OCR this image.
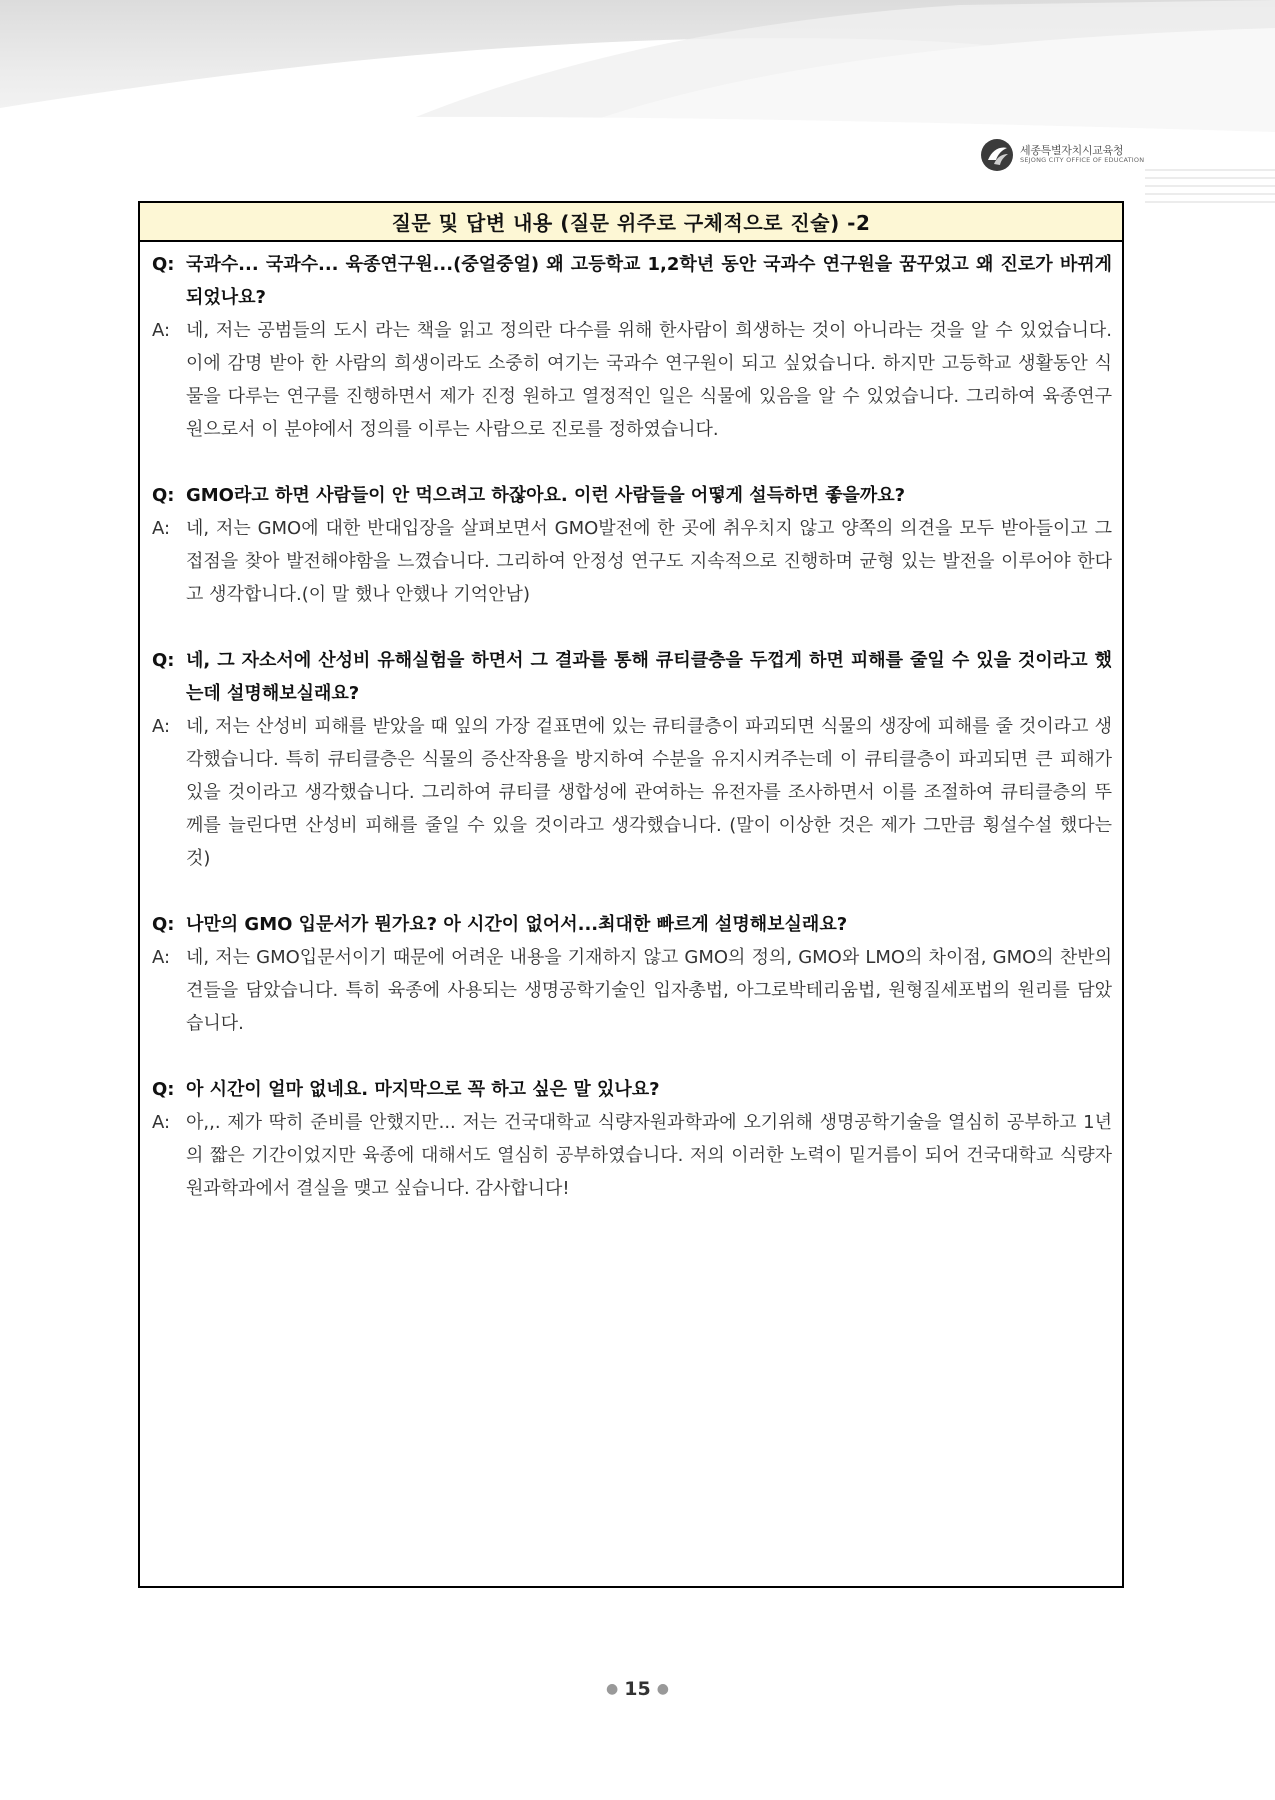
세종특별자치시교육청
SEJONG CITY OFFICE OF EDUCATION
질문 및 답변 내용 (질문 위주로 구체적으로 진술) -2
Q: 국과수... 국과수... 육종연구원...(중얼중얼) 왜 고등학교 1,2학년 동안 국과수 연구원을 꿈꾸었고 왜 진로가 바뀌게 되었나요?
A: 네, 저는 공범들의 도시 라는 책을 읽고 정의란 다수를 위해 한사람이 희생하는 것이 아니라는 것을 알 수 있었습니다. 이에 감명 받아 한 사람의 희생이라도 소중히 여기는 국과수 연구원이 되고 싶었습니다. 하지만 고등학교 생활동안 식물을 다루는 연구를 진행하면서 제가 진정 원하고 열정적인 일은 식물에 있음을 알 수 있었습니다. 그리하여 육종연구원으로서 이 분야에서 정의를 이루는 사람으로 진로를 정하였습니다.
Q: GMO라고 하면 사람들이 안 먹으려고 하잖아요. 이런 사람들을 어떻게 설득하면 좋을까요?
A: 네, 저는 GMO에 대한 반대입장을 살펴보면서 GMO발전에 한 곳에 취우치지 않고 양쪽의 의견을 모두 받아들이고 그 접점을 찾아 발전해야함을 느꼈습니다. 그리하여 안정성 연구도 지속적으로 진행하며 균형 있는 발전을 이루어야 한다고 생각합니다.(이 말 했나 안했나 기억안남)
Q: 네, 그 자소서에 산성비 유해실험을 하면서 그 결과를 통해 큐티클층을 두껍게 하면 피해를 줄일 수 있을 것이라고 했는데 설명해보실래요?
A: 네, 저는 산성비 피해를 받았을 때 잎의 가장 겉표면에 있는 큐티클층이 파괴되면 식물의 생장에 피해를 줄 것이라고 생각했습니다. 특히 큐티클층은 식물의 증산작용을 방지하여 수분을 유지시켜주는데 이 큐티클층이 파괴되면 큰 피해가 있을 것이라고 생각했습니다. 그리하여 큐티클 생합성에 관여하는 유전자를 조사하면서 이를 조절하여 큐티클층의 뚜께를 늘린다면 산성비 피해를 줄일 수 있을 것이라고 생각했습니다. (말이 이상한 것은 제가 그만큼 횡설수설 했다는 것)
Q: 나만의 GMO 입문서가 뭔가요? 아 시간이 없어서...최대한 빠르게 설명해보실래요?
A: 네, 저는 GMO입문서이기 때문에 어려운 내용을 기재하지 않고 GMO의 정의, GMO와 LMO의 차이점, GMO의 찬반의견들을 담았습니다. 특히 육종에 사용되는 생명공학기술인 입자총법, 아그로박테리움법, 원형질세포법의 원리를 담았습니다.
Q: 아 시간이 얼마 없네요. 마지막으로 꼭 하고 싶은 말 있나요?
A: 아,,. 제가 딱히 준비를 안했지만... 저는 건국대학교 식량자원과학과에 오기위해 생명공학기술을 열심히 공부하고 1년의 짧은 기간이었지만 육종에 대해서도 열심히 공부하였습니다. 저의 이러한 노력이 밑거름이 되어 건국대학교 식량자원과학과에서 결실을 맺고 싶습니다. 감사합니다!
● 15 ●
